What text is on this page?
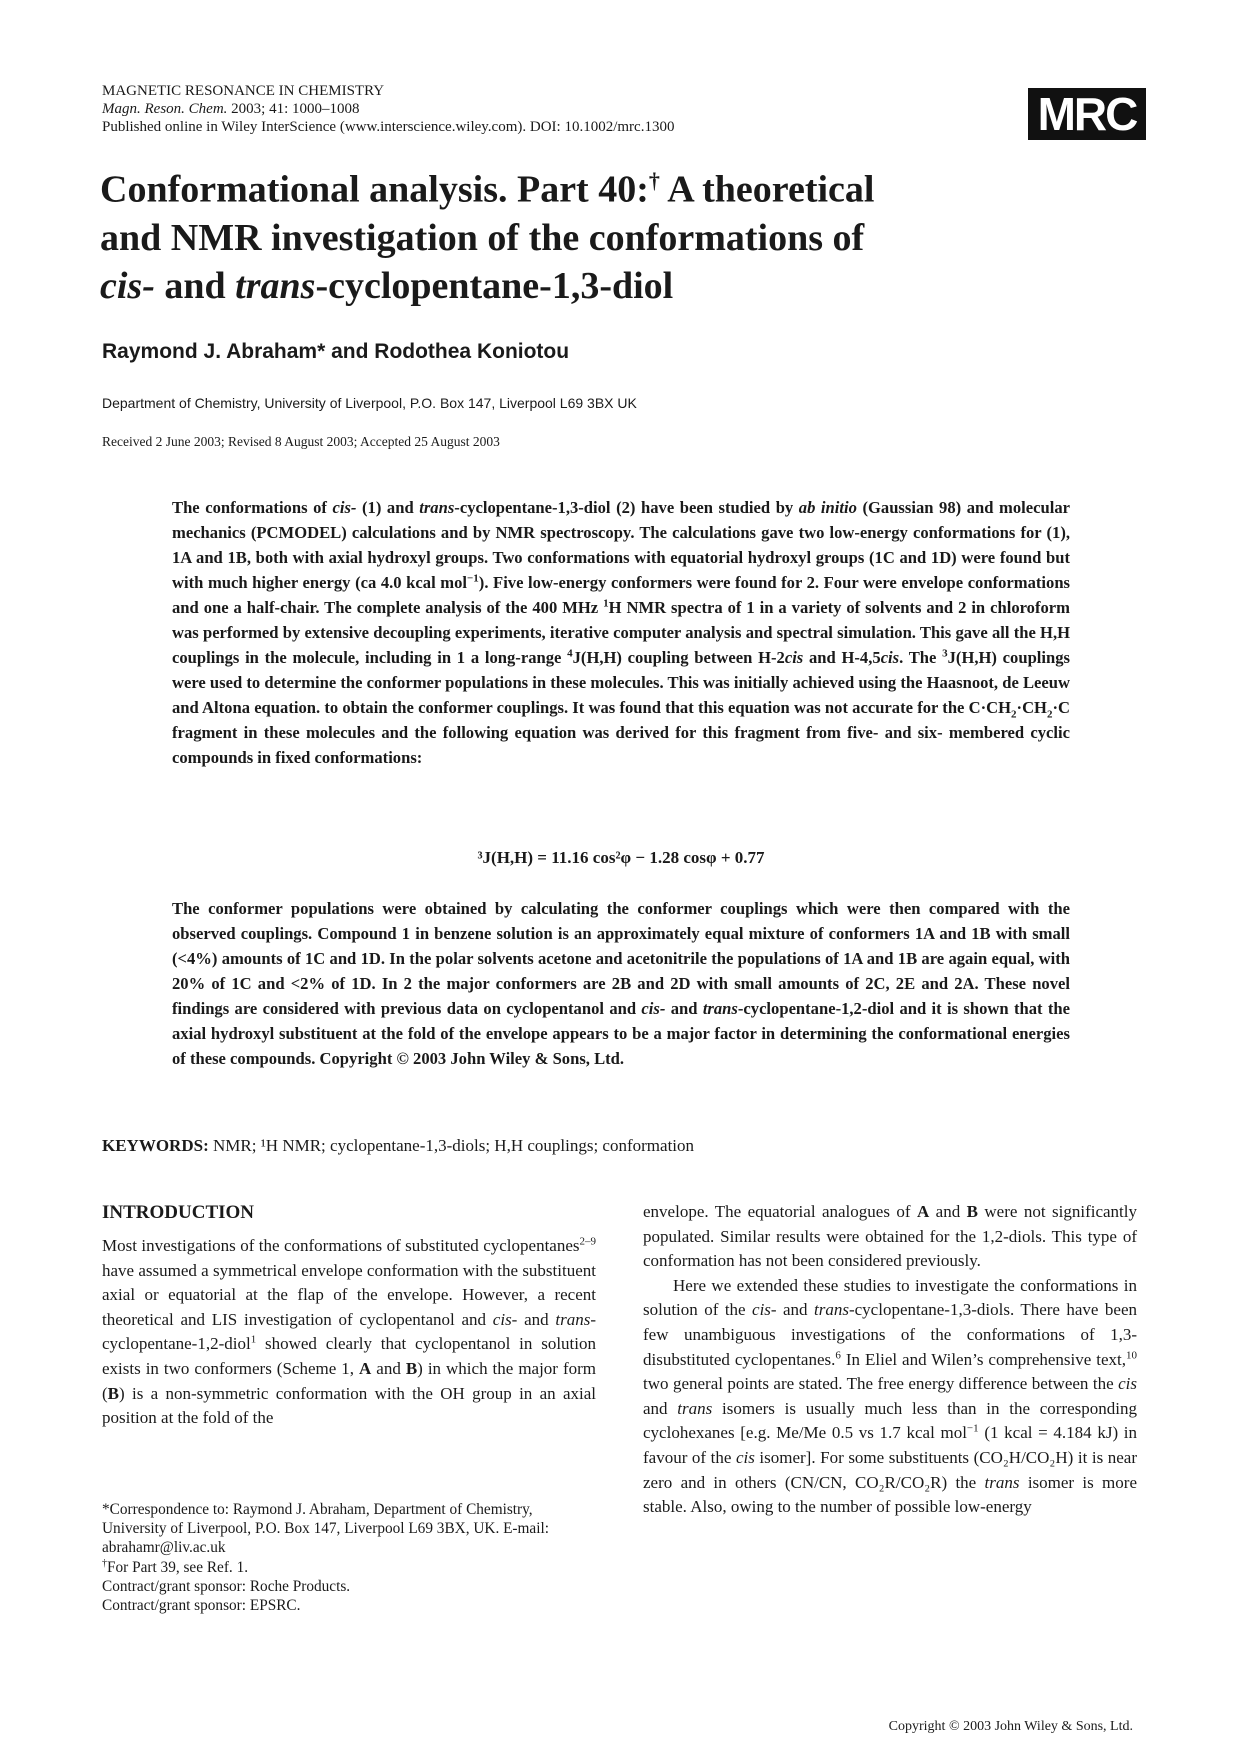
MAGNETIC RESONANCE IN CHEMISTRY
Magn. Reson. Chem. 2003; 41: 1000–1008
Published online in Wiley InterScience (www.interscience.wiley.com). DOI: 10.1002/mrc.1300	MRC
Conformational analysis. Part 40:† A theoretical
and NMR investigation of the conformations of
cis- and trans-cyclopentane-1,3-diol
Raymond J. Abraham* and Rodothea Koniotou
Department of Chemistry, University of Liverpool, P.O. Box 147, Liverpool L69 3BX UK
Received 2 June 2003; Revised 8 August 2003; Accepted 25 August 2003
The conformations of cis- (1) and trans-cyclopentane-1,3-diol (2) have been studied by ab initio (Gaussian 98) and molecular mechanics (PCMODEL) calculations and by NMR spectroscopy. The calculations gave two low-energy conformations for (1), 1A and 1B, both with axial hydroxyl groups. Two conformations with equatorial hydroxyl groups (1C and 1D) were found but with much higher energy (ca 4.0 kcal mol$^{-1}$). Five low-energy conformers were found for 2. Four were envelope conformations and one a half-chair. The complete analysis of the 400 MHz $^1$H NMR spectra of 1 in a variety of solvents and 2 in chloroform was performed by extensive decoupling experiments, iterative computer analysis and spectral simulation. This gave all the H,H couplings in the molecule, including in 1 a long-range $^4$J(H,H) coupling between H-2cis and H-4,5cis. The $^3$J(H,H) couplings were used to determine the conformer populations in these molecules. This was initially achieved using the Haasnoot, de Leeuw and Altona equation. to obtain the conformer couplings. It was found that this equation was not accurate for the $C\cdot CH_2\cdot CH_2\cdot C$ fragment in these molecules and the following equation was derived for this fragment from five- and six- membered cyclic compounds in fixed conformations:
³J(H,H) = 11.16 cos²φ − 1.28 cosφ + 0.77
The conformer populations were obtained by calculating the conformer couplings which were then compared with the observed couplings. Compound 1 in benzene solution is an approximately equal mixture of conformers 1A and 1B with small (<4%) amounts of 1C and 1D. In the polar solvents acetone and acetonitrile the populations of 1A and 1B are again equal, with 20% of 1C and <2% of 1D. In 2 the major conformers are 2B and 2D with small amounts of 2C, 2E and 2A. These novel findings are considered with previous data on cyclopentanol and cis- and trans-cyclopentane-1,2-diol and it is shown that the axial hydroxyl substituent at the fold of the envelope appears to be a major factor in determining the conformational energies of these compounds. Copyright © 2003 John Wiley & Sons, Ltd.
KEYWORDS: NMR; ¹H NMR; cyclopentane-1,3-diols; H,H couplings; conformation
INTRODUCTION
Most investigations of the conformations of substituted cyclopentanes$^{2-9}$ have assumed a symmetrical envelope conformation with the substituent axial or equatorial at the flap of the envelope. However, a recent theoretical and LIS investigation of cyclopentanol and cis- and trans-cyclopentane-1,2-diol$^1$ showed clearly that cyclopentanol in solution exists in two conformers (Scheme 1, A and B) in which the major form (B) is a non-symmetric conformation with the OH group in an axial position at the fold of the
*Correspondence to: Raymond J. Abraham, Department of Chemistry, University of Liverpool, P.O. Box 147, Liverpool L69 3BX, UK. E-mail: abrahamr@liv.ac.uk
†For Part 39, see Ref. 1.
Contract/grant sponsor: Roche Products.
Contract/grant sponsor: EPSRC.
envelope. The equatorial analogues of A and B were not significantly populated. Similar results were obtained for the 1,2-diols. This type of conformation has not been considered previously.
Here we extended these studies to investigate the conformations in solution of the cis- and trans-cyclopentane-1,3-diols. There have been few unambiguous investigations of the conformations of 1,3-disubstituted cyclopentanes.$^6$ In Eliel and Wilen’s comprehensive text,$^{10}$ two general points are stated. The free energy difference between the cis and trans isomers is usually much less than in the corresponding cyclohexanes [e.g. Me/Me 0.5 vs 1.7 kcal mol$^{-1}$ (1 kcal = 4.184 kJ) in favour of the cis isomer]. For some substituents (CO₂H/CO₂H) it is near zero and in others (CN/CN, CO₂R/CO₂R) the trans isomer is more stable. Also, owing to the number of possible low-energy
Copyright © 2003 John Wiley & Sons, Ltd.
